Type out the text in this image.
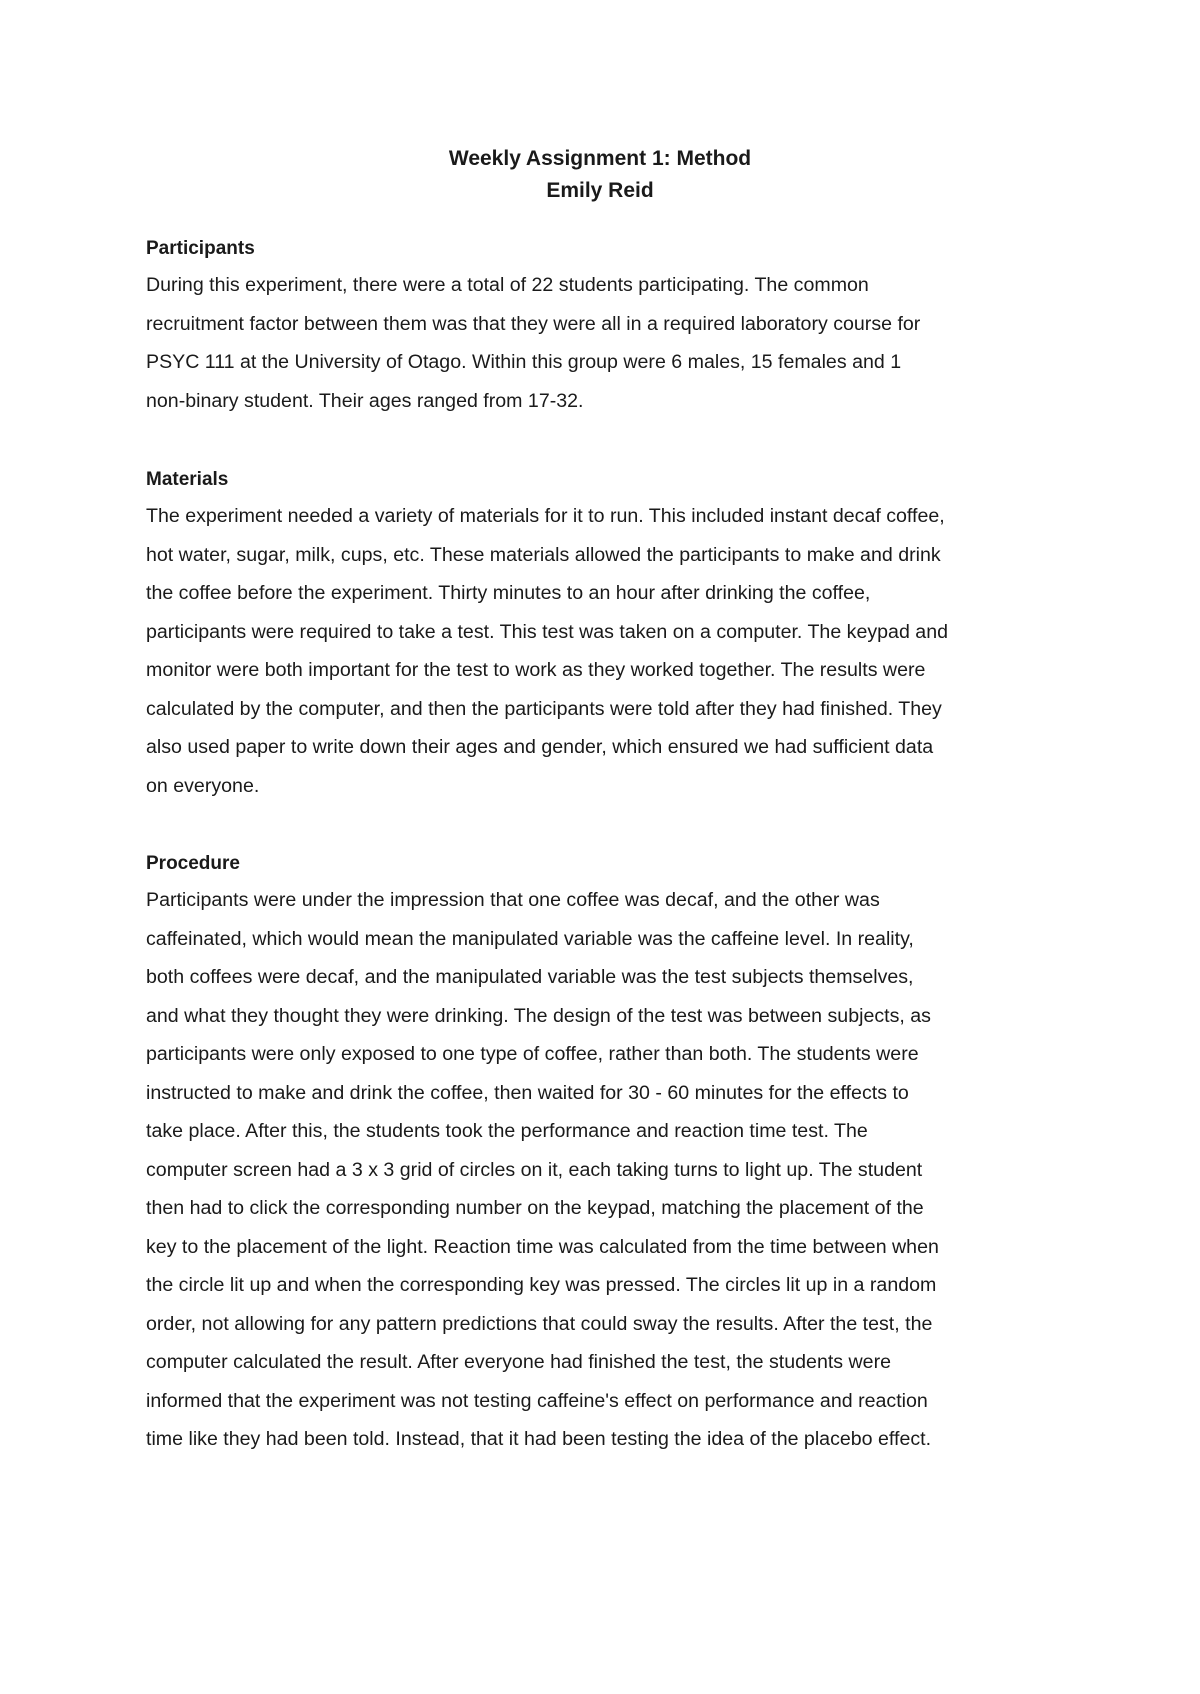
Weekly Assignment 1: Method
Emily Reid
Participants

During this experiment, there were a total of 22 students participating. The common
recruitment factor between them was that they were all in a required laboratory course for
PSYC 111 at the University of Otago. Within this group were 6 males, 15 females and 1
non-binary student. Their ages ranged from 17-32.

Materials

The experiment needed a variety of materials for it to run. This included instant decaf coffee,
hot water, sugar, milk, cups, etc. These materials allowed the participants to make and drink
the coffee before the experiment. Thirty minutes to an hour after drinking the coffee,
participants were required to take a test. This test was taken on a computer. The keypad and
monitor were both important for the test to work as they worked together. The results were
calculated by the computer, and then the participants were told after they had finished. They
also used paper to write down their ages and gender, which ensured we had sufficient data
on everyone.

Procedure

Participants were under the impression that one coffee was decaf, and the other was
caffeinated, which would mean the manipulated variable was the caffeine level. In reality,
both coffees were decaf, and the manipulated variable was the test subjects themselves,
and what they thought they were drinking. The design of the test was between subjects, as
participants were only exposed to one type of coffee, rather than both. The students were
instructed to make and drink the coffee, then waited for 30 - 60 minutes for the effects to
take place. After this, the students took the performance and reaction time test. The
computer screen had a 3 x 3 grid of circles on it, each taking turns to light up. The student
then had to click the corresponding number on the keypad, matching the placement of the
key to the placement of the light. Reaction time was calculated from the time between when
the circle lit up and when the corresponding key was pressed. The circles lit up in a random
order, not allowing for any pattern predictions that could sway the results. After the test, the
computer calculated the result. After everyone had finished the test, the students were
informed that the experiment was not testing caffeine's effect on performance and reaction
time like they had been told. Instead, that it had been testing the idea of the placebo effect.
